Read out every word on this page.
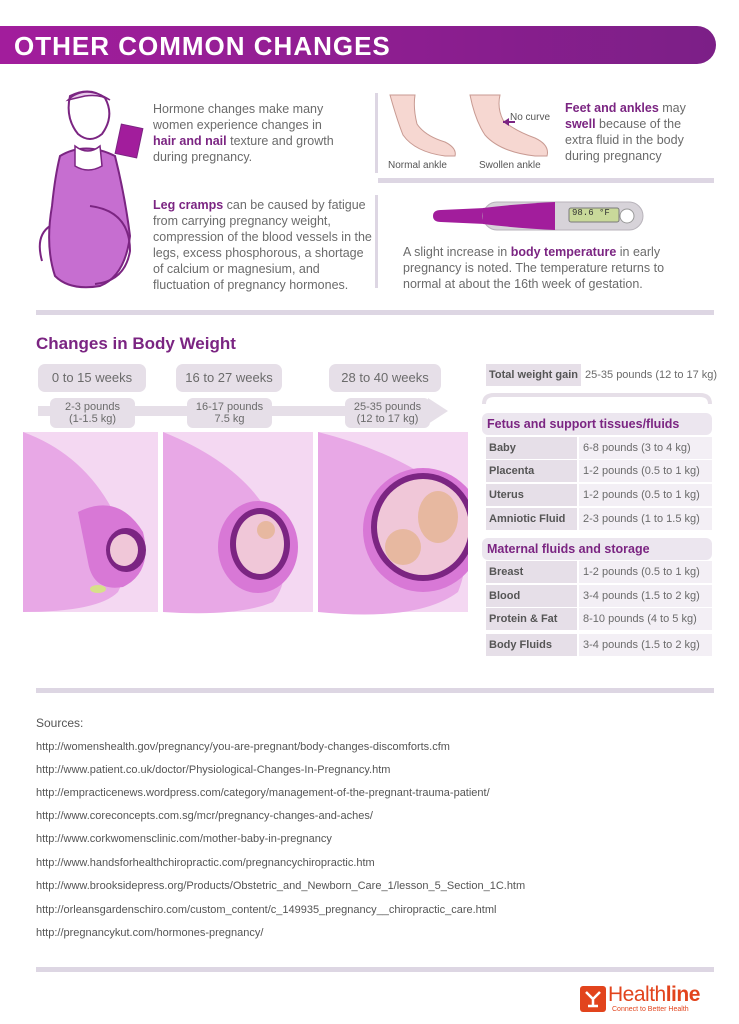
OTHER COMMON CHANGES
Hormone changes make many women experience changes in hair and nail texture and growth during pregnancy.
No curve
Normal ankle	Swollen ankle
Feet and ankles may swell because of the extra fluid in the body during pregnancy
Leg cramps can be caused by fatigue from carrying pregnancy weight, compression of the blood vessels in the legs, excess phosphorous, a shortage of calcium or magnesium, and fluctuation of pregnancy hormones.
98.6 °F
A slight increase in body temperature in early pregnancy is noted. The temperature returns to normal at about the 16th week of gestation.
Changes in Body Weight
0 to 15 weeks	16 to 27 weeks	28 to 40 weeks
2-3 pounds
(1-1.5 kg)
16-17 pounds
7.5 kg
25-35 pounds
(12 to 17 kg)
Total weight gain 25-35 pounds (12 to 17 kg)
Fetus and support tissues/fluids
Baby	6-8 pounds (3 to 4 kg)
Placenta	1-2 pounds (0.5 to 1 kg)
Uterus	1-2 pounds (0.5 to 1 kg)
Amniotic Fluid	2-3 pounds (1 to 1.5 kg)
Maternal fluids and storage
Breast	1-2 pounds (0.5 to 1 kg)
Blood	3-4 pounds (1.5 to 2 kg)
Protein & Fat	8-10 pounds (4 to 5 kg)
Body Fluids	3-4 pounds (1.5 to 2 kg)
Sources:
http://womenshealth.gov/pregnancy/you-are-pregnant/body-changes-discomforts.cfm
http://www.patient.co.uk/doctor/Physiological-Changes-In-Pregnancy.htm
http://empracticenews.wordpress.com/category/management-of-the-pregnant-trauma-patient/
http://www.coreconcepts.com.sg/mcr/pregnancy-changes-and-aches/
http://www.corkwomensclinic.com/mother-baby-in-pregnancy
http://www.handsforhealthchiropractic.com/pregnancychiropractic.htm
http://www.brooksidepress.org/Products/Obstetric_and_Newborn_Care_1/lesson_5_Section_1C.htm
http://orleansgardenschiro.com/custom_content/c_149935_pregnancy__chiropractic_care.html
http://pregnancykut.com/hormones-pregnancy/
Healthline
Connect to Better Health
